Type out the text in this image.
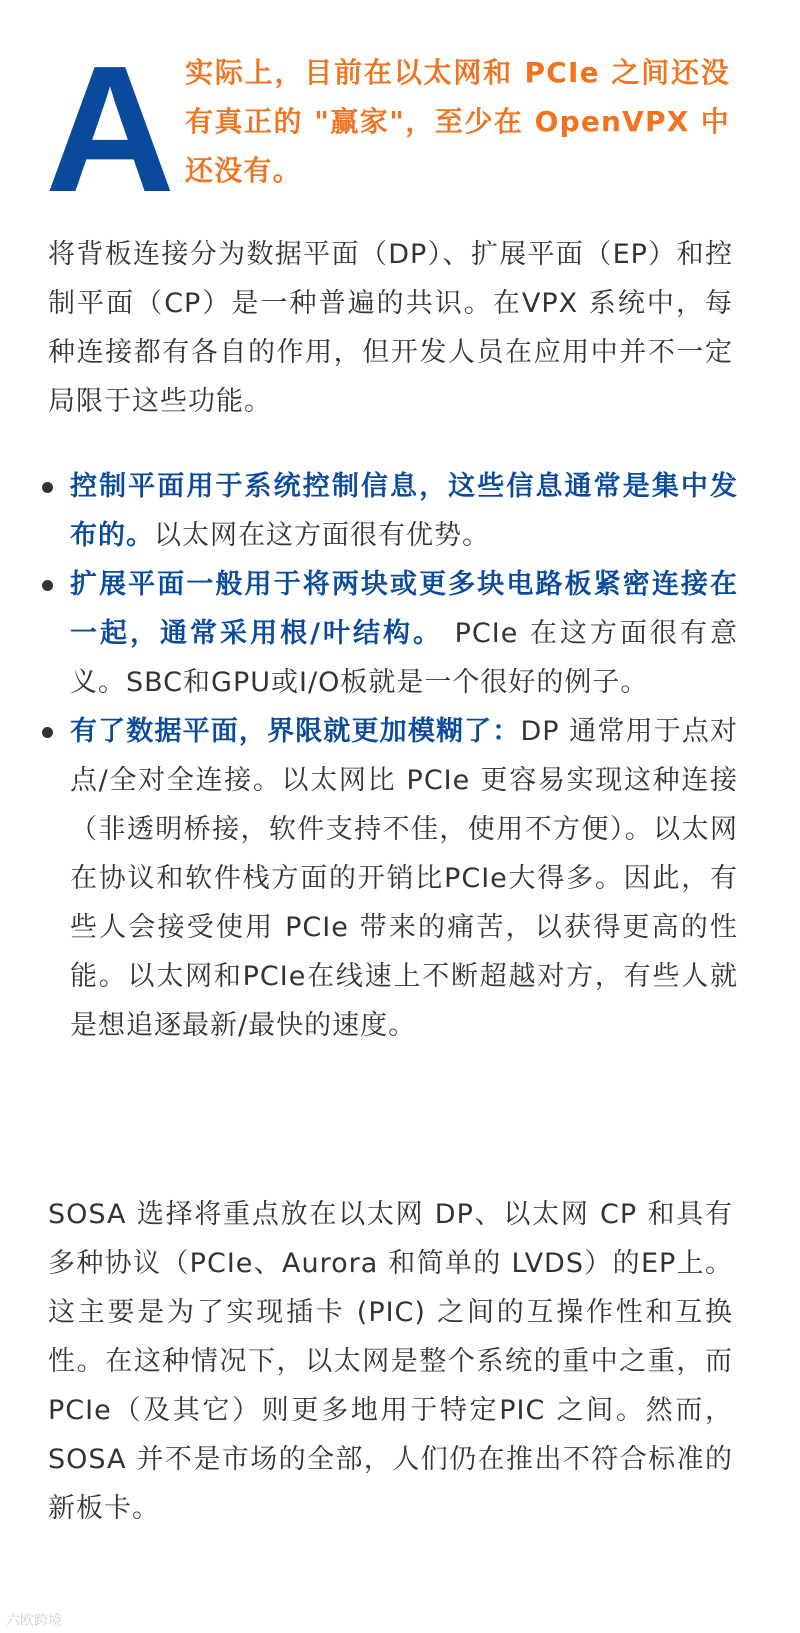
A 实际上，目前在以太网和 PCIe 之间还没有真正的 "赢家"，至少在 OpenVPX 中还没有。
将背板连接分为数据平面（DP）、扩展平面（EP）和控制平面（CP）是一种普遍的共识。在VPX 系统中，每种连接都有各自的作用，但开发人员在应用中并不一定局限于这些功能。
控制平面用于系统控制信息，这些信息通常是集中发布的。以太网在这方面很有优势。
扩展平面一般用于将两块或更多块电路板紧密连接在一起，通常采用根/叶结构。 PCIe 在这方面很有意义。SBC和GPU或I/O板就是一个很好的例子。
有了数据平面，界限就更加模糊了：DP 通常用于点对点/全对全连接。以太网比 PCIe 更容易实现这种连接（非透明桥接，软件支持不佳，使用不方便）。以太网在协议和软件栈方面的开销比PCIe大得多。因此，有些人会接受使用 PCIe 带来的痛苦，以获得更高的性能。以太网和PCIe在线速上不断超越对方，有些人就是想追逐最新/最快的速度。
SOSA 选择将重点放在以太网 DP、以太网 CP 和具有多种协议（PCIe、Aurora 和简单的 LVDS）的EP上。这主要是为了实现插卡 (PIC) 之间的互操作性和互换性。在这种情况下，以太网是整个系统的重中之重，而 PCIe（及其它）则更多地用于特定PIC 之间。然而，SOSA 并不是市场的全部，人们仍在推出不符合标准的新板卡。
六欧跨境
